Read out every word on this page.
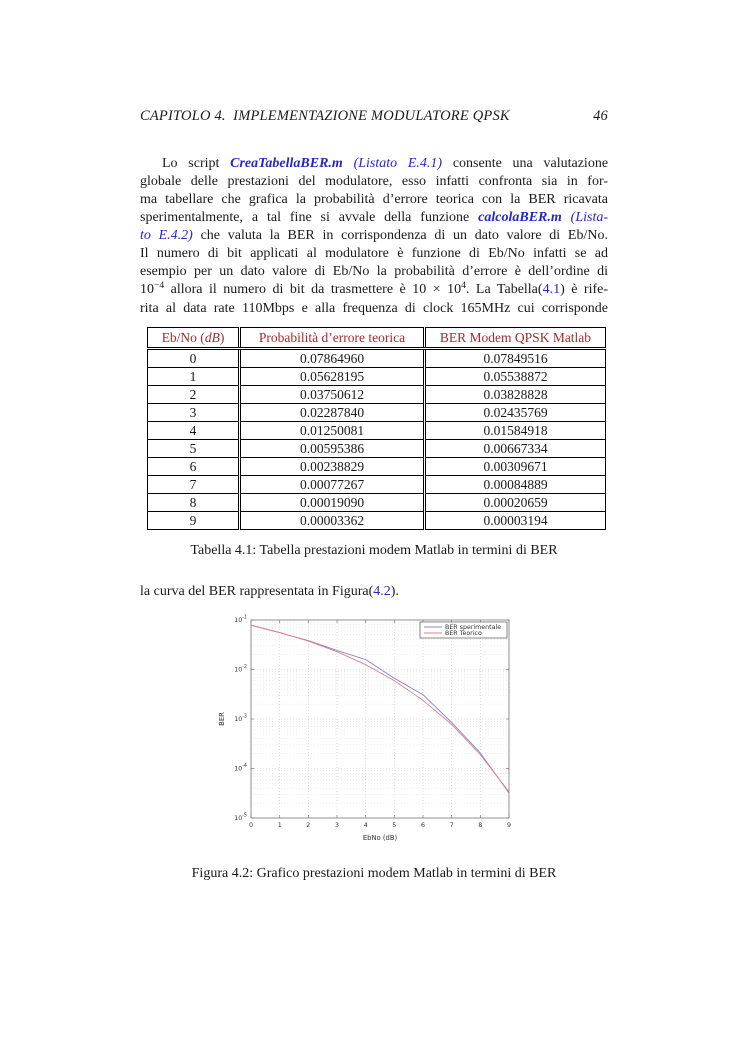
CAPITOLO 4. IMPLEMENTAZIONE MODULATORE QPSK	46
Lo script CreaTabellaBER.m (Listato E.4.1) consente una valutazione
globale delle prestazioni del modulatore, esso infatti confronta sia in for-
ma tabellare che grafica la probabilità d’errore teorica con la BER ricavata
sperimentalmente, a tal fine si avvale della funzione calcolaBER.m (Lista-
to E.4.2) che valuta la BER in corrispondenza di un dato valore di Eb/No.
Il numero di bit applicati al modulatore è funzione di Eb/No infatti se ad
esempio per un dato valore di Eb/No la probabilità d’errore è dell’ordine di
$10^{-4}$ allora il numero di bit da trasmettere è $10 \times 10^4$. La Tabella(4.1) è rife-
rita al data rate 110Mbps e alla frequenza di clock 165MHz cui corrisponde
Eb/No (dB)	Probabilità d’errore teorica	BER Modem QPSK Matlab
0	0.07864960	0.07849516
1	0.05628195	0.05538872
2	0.03750612	0.03828828
3	0.02287840	0.02435769
4	0.01250081	0.01584918
5	0.00595386	0.00667334
6	0.00238829	0.00309671
7	0.00077267	0.00084889
8	0.00019090	0.00020659
9	0.00003362	0.00003194
Tabella 4.1: Tabella prestazioni modem Matlab in termini di BER
la curva del BER rappresentata in Figura(4.2).
0	1	2	3	4	5	6	7	8	9
$10^{-1}$
$10^{-2}$
$10^{-3}$
$10^{-4}$
$10^{-5}$
EbNo (dB)
BER
BER sperimentale
BER Teorico
Figura 4.2: Grafico prestazioni modem Matlab in termini di BER
